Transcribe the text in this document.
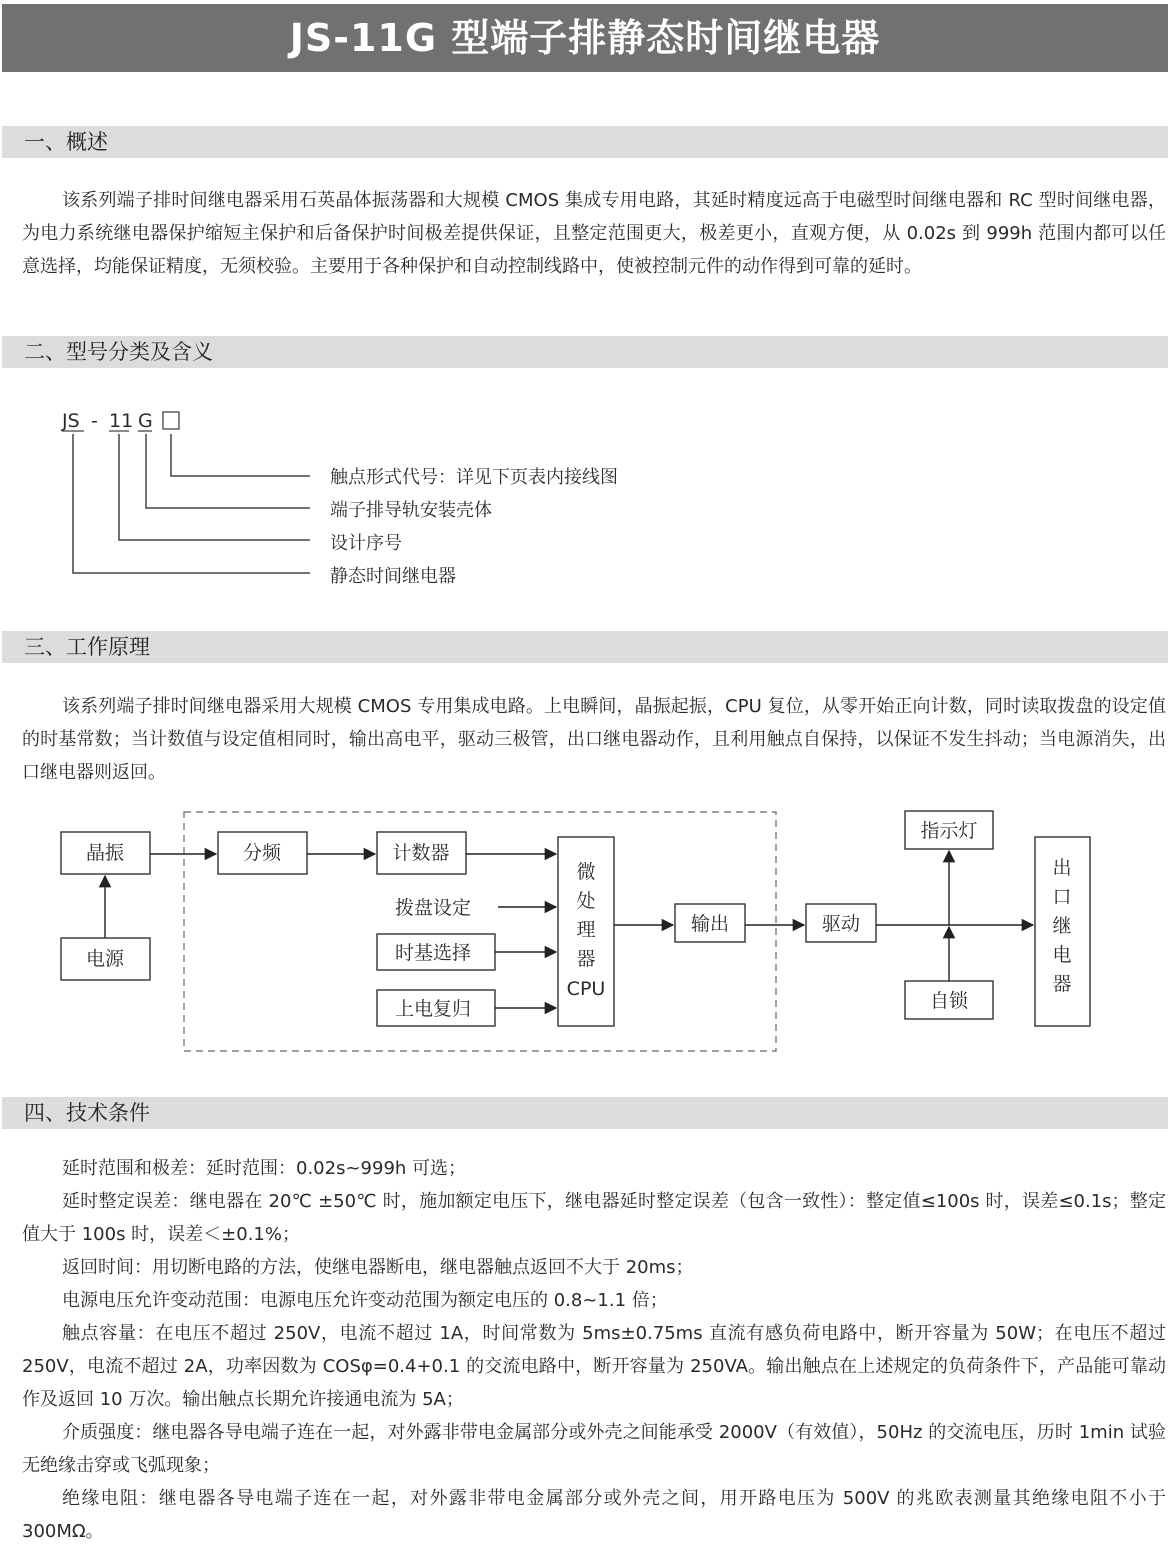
JS-11G 型端子排静态时间继电器
一、概述

该系列端子排时间继电器采用石英晶体振荡器和大规模 CMOS 集成专用电路，其延时精度远高于电磁型时间继电器和 RC 型时间继电器，为电力系统继电器保护缩短主保护和后备保护时间极差提供保证，且整定范围更大，极差更小，直观方便，从 0.02s 到 999h 范围内都可以任意选择，均能保证精度，无须校验。主要用于各种保护和自动控制线路中，使被控制元件的动作得到可靠的延时。

二、型号分类及含义
JS - 11 G
触点形式代号：详见下页表内接线图
端子排导轨安装壳体
设计序号
静态时间继电器
三、工作原理

该系列端子排时间继电器采用大规模 CMOS 专用集成电路。上电瞬间，晶振起振，CPU 复位，从零开始正向计数，同时读取拨盘的设定值的时基常数；当计数值与设定值相同时，输出高电平，驱动三极管，出口继电器动作，且利用触点自保持，以保证不发生抖动；当电源消失，出口继电器则返回。

晶振
电源
分频	计数器
拨盘设定
时基选择
上电复归
微
处
理
器
CPU
输出	驱动
指示灯
自锁
出
口
继
电
器
四、技术条件

延时范围和极差：延时范围：0.02s~999h 可选；

延时整定误差：继电器在 20℃ ±50℃ 时，施加额定电压下，继电器延时整定误差（包含一致性）：整定值≤100s 时，误差≤0.1s；整定值大于 100s 时，误差＜±0.1%；

返回时间：用切断电路的方法，使继电器断电，继电器触点返回不大于 20ms；

电源电压允许变动范围：电源电压允许变动范围为额定电压的 0.8~1.1 倍；

触点容量：在电压不超过 250V，电流不超过 1A，时间常数为 5ms±0.75ms 直流有感负荷电路中，断开容量为 50W；在电压不超过 250V，电流不超过 2A，功率因数为 COSφ=0.4+0.1 的交流电路中，断开容量为 250VA。输出触点在上述规定的负荷条件下，产品能可靠动作及返回 10 万次。输出触点长期允许接通电流为 5A；

介质强度：继电器各导电端子连在一起，对外露非带电金属部分或外壳之间能承受 2000V（有效值），50Hz 的交流电压，历时 1min 试验无绝缘击穿或飞弧现象；

绝缘电阻：继电器各导电端子连在一起，对外露非带电金属部分或外壳之间，用开路电压为 500V 的兆欧表测量其绝缘电阻不小于 300MΩ。
